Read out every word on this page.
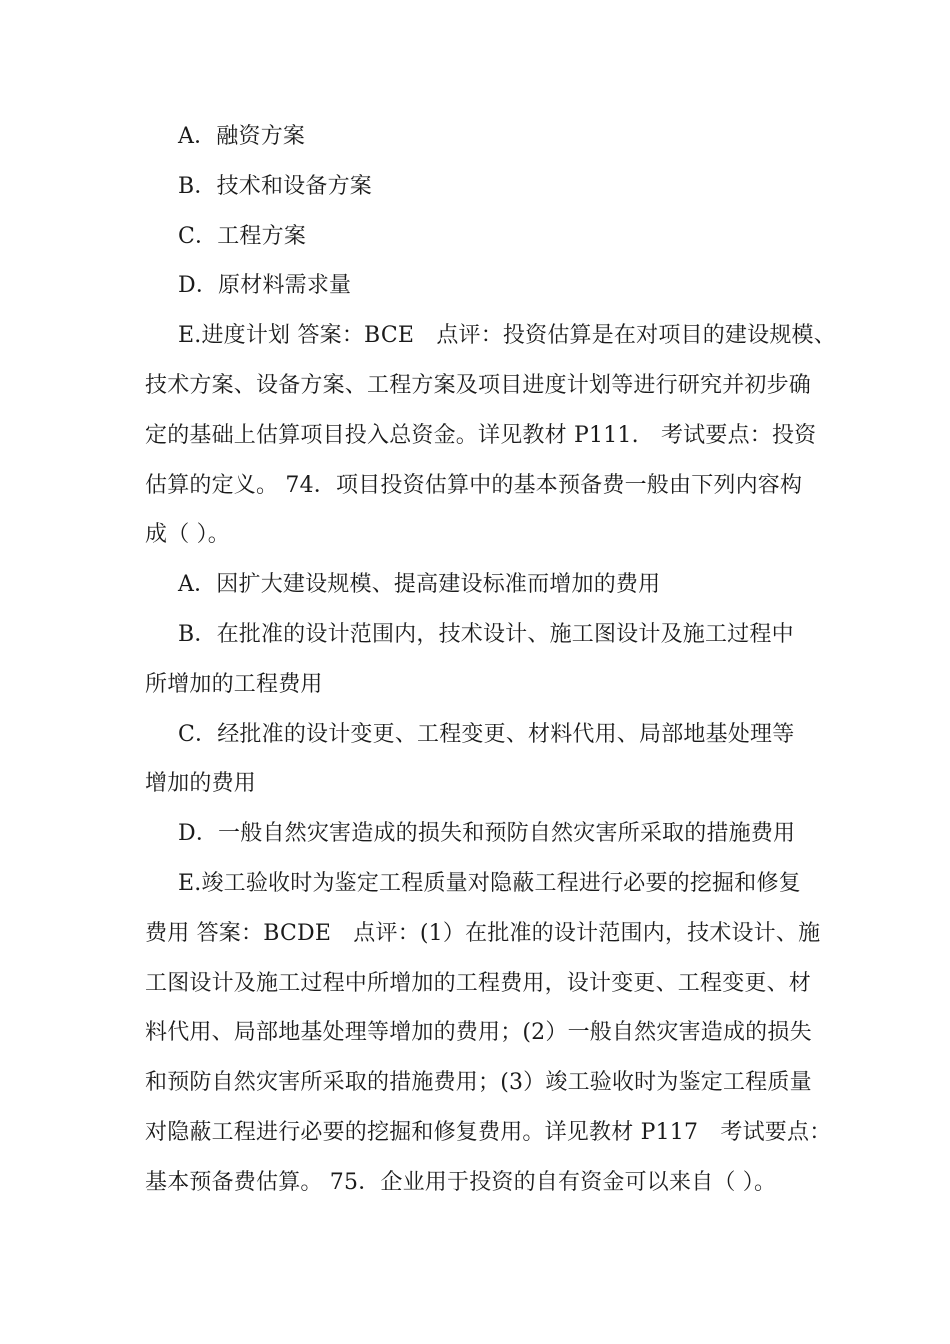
A．融资方案
B．技术和设备方案
C．工程方案
D．原材料需求量
E.进度计划 答案：BCE　点评：投资估算是在对项目的建设规模、
技术方案、设备方案、工程方案及项目进度计划等进行研究并初步确
定的基础上估算项目投入总资金。详见教材 P111.　考试要点：投资
估算的定义。 74．项目投资估算中的基本预备费一般由下列内容构
成（ ）。
A．因扩大建设规模、提高建设标准而增加的费用
B．在批准的设计范围内，技术设计、施工图设计及施工过程中
所增加的工程费用
C．经批准的设计变更、工程变更、材料代用、局部地基处理等
增加的费用
D．一般自然灾害造成的损失和预防自然灾害所采取的措施费用
E.竣工验收时为鉴定工程质量对隐蔽工程进行必要的挖掘和修复
费用 答案：BCDE　点评：(1）在批准的设计范围内，技术设计、施
工图设计及施工过程中所增加的工程费用，设计变更、工程变更、材
料代用、局部地基处理等增加的费用；(2）一般自然灾害造成的损失
和预防自然灾害所采取的措施费用；(3）竣工验收时为鉴定工程质量
对隐蔽工程进行必要的挖掘和修复费用。详见教材 P117　考试要点：
基本预备费估算。 75．企业用于投资的自有资金可以来自（ ）。
